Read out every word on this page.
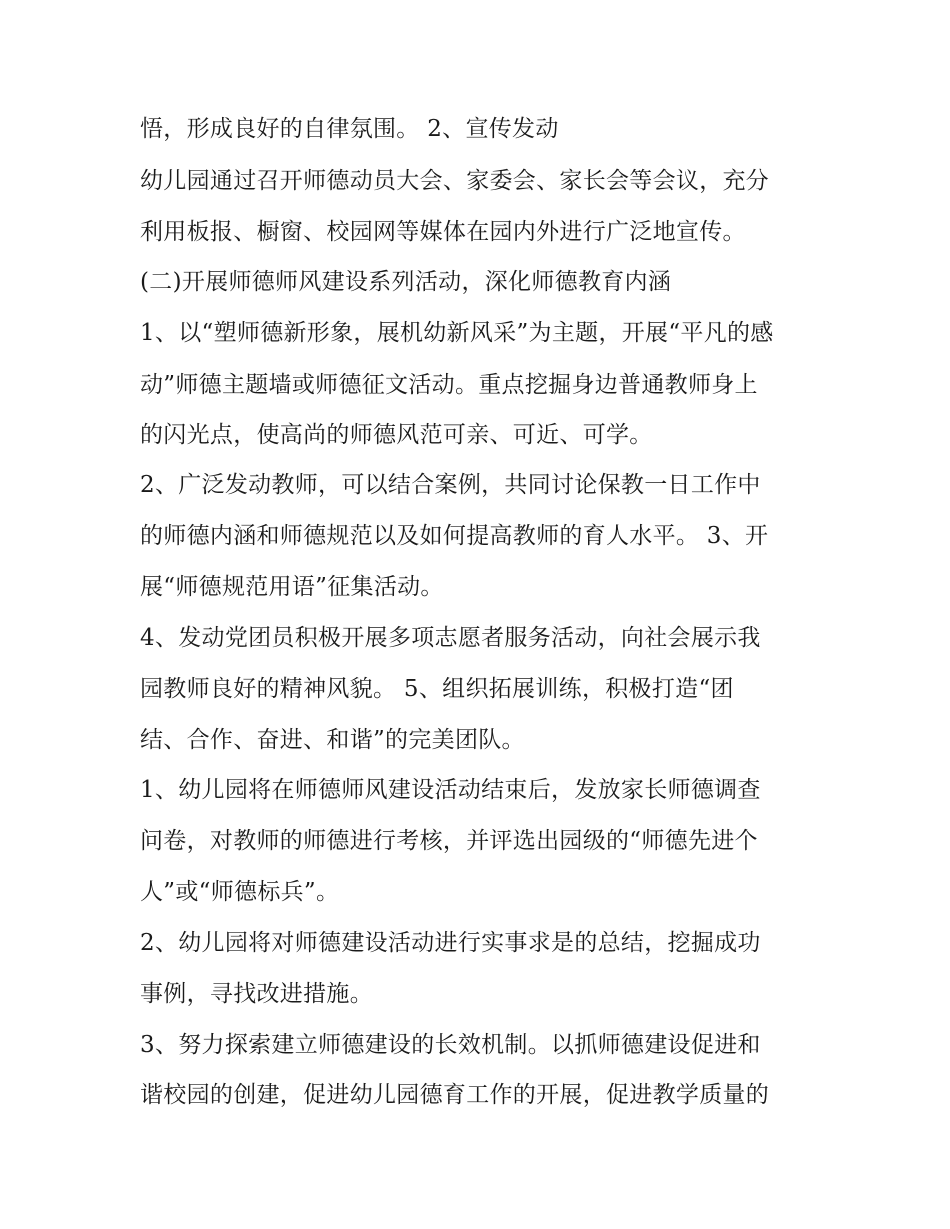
悟，形成良好的自律氛围。 2、宣传发动
幼儿园通过召开师德动员大会、家委会、家长会等会议，充分
利用板报、橱窗、校园网等媒体在园内外进行广泛地宣传。
(二)开展师德师风建设系列活动，深化师德教育内涵
1、以“塑师德新形象，展机幼新风采”为主题，开展“平凡的感
动”师德主题墙或师德征文活动。重点挖掘身边普通教师身上
的闪光点，使高尚的师德风范可亲、可近、可学。
2、广泛发动教师，可以结合案例，共同讨论保教一日工作中
的师德内涵和师德规范以及如何提高教师的育人水平。 3、开
展“师德规范用语”征集活动。
4、发动党团员积极开展多项志愿者服务活动，向社会展示我
园教师良好的精神风貌。 5、组织拓展训练，积极打造“团
结、合作、奋进、和谐”的完美团队。
1、幼儿园将在师德师风建设活动结束后，发放家长师德调查
问卷，对教师的师德进行考核，并评选出园级的“师德先进个
人”或“师德标兵”。
2、幼儿园将对师德建设活动进行实事求是的总结，挖掘成功
事例，寻找改进措施。
3、努力探索建立师德建设的长效机制。以抓师德建设促进和
谐校园的创建，促进幼儿园德育工作的开展，促进教学质量的
